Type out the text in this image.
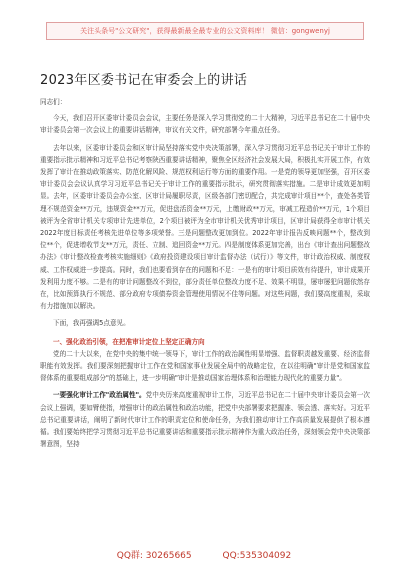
关注头条号"公文研究"，获得最新最全最专业的公文资料库！ 微信：gongwenyj
2023年区委书记在审委会上的讲话

同志们：

今天，我们召开区委审计委员会会议，主要任务是深入学习贯彻党的二十大精神，习近平总书记在二十届中央审计委员会第一次会议上的重要讲话精神，审议有关文件，研究部署今年重点任务。

去年以来，区委审计委员会和区审计局坚持落实党中央决策部署，深入学习贯彻习近平总书记关于审计工作的重要指示批示精神和习近平总书记考察陕西重要讲话精神，聚焦全区经济社会发展大局，积极扎实开展工作，有效发挥了审计在推动政策落实、防范化解风险、规范权利运行等方面的重要作用。一是党的领导更加坚强，召开区委审计委员会会议认真学习习近平总书记关于审计工作的重要指示批示，研究贯彻落实措施。二是审计成效更加明显。去年，区委审计委员会办公室、区审计局履职尽责，区级各部门密切配合，共完成审计项目**个，查处各类管理不规范资金**万元，违规资金**万元，促进盘活资金**万元，上缴财政**万元，审减工程造价**万元，1个项目被评为全省审计机关专项审计先进单位，2个项目被评为全市审计机关优秀审计项目，区审计局获得全市审计机关2022年度目标责任考核先进单位等多项荣誉。三是问题整改更加到位。2022年审计报告反映问题**个，整改到位**个，促进增收节支**万元，责任、立制、追回资金**万元。四是制度体系更加完善，出台《审计查出问题整改办法》《审计整改检查考核实施细则》《政府投资建设项目审计监督办法（试行）》等文件，审计政治权威、制度权威、工作权威进一步提高。同时，我们也要看到存在的问题和不足：一是有的审计项目质效有待提升，审计成果开发利用力度不够。二是有的审计问题整改不到位，部分责任单位整改力度不足、效果不明显，屡审屡犯问题依然存在，比如预算执行不规范、部分政府专项债券资金管理使用情况不佳等问题。对这些问题，我们要高度重视，采取有力措施加以解决。

下面，我再强调5点意见。

一、强化政治引领，在把准审计定位上坚定正确方向

党的二十大以来，在党中央的集中统一领导下，审计工作的政治属性明显增强、监督职责越发重要、经济监督职能有效发挥。我们要深刻把握审计工作在党和国家事业发展全局中的战略定位，在以往明确"审计是党和国家监督体系的重要组成部分"的基础上，进一步明确"审计是推动国家治理体系和治理能力现代化的重要力量"。

一要强化审计工作"政治属性"。党中央历来高度重视审计工作，习近平总书记在二十届中央审计委员会第一次会议上强调，要如臂使指，增强审计的政治属性和政治功能，把党中央部署要求把握准、领会透、落实好。习近平总书记重要讲话，阐明了新时代审计工作的职责定位和使命任务，为我们推动审计工作高质量发展提供了根本遵循。我们要始终把学习贯彻习近平总书记重要讲话和重要指示批示精神作为重大政治任务，深刻领会党中央决策部署意图，坚持

QQ群: 30265665	QQ:535304092
